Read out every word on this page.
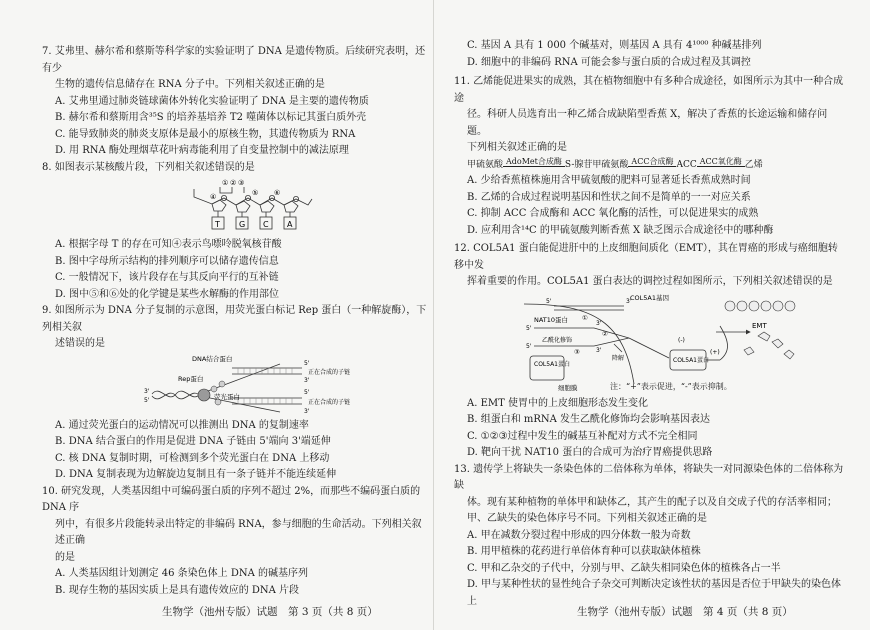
7. 艾弗里、赫尔希和蔡斯等科学家的实验证明了 DNA 是遗传物质。后续研究表明，还有少
生物的遗传信息储存在 RNA 分子中。下列相关叙述正确的是
A. 艾弗里通过肺炎链球菌体外转化实验证明了 DNA 是主要的遗传物质
B. 赫尔希和蔡斯用含³⁵S 的培养基培养 T2 噬菌体以标记其蛋白质外壳
C. 能导致肺炎的肺炎支原体是最小的原核生物，其遗传物质为 RNA
D. 用 RNA 酶处理烟草花叶病毒能利用了自变量控制中的减法原理
8. 如图表示某核酸片段，下列相关叙述错误的是
① ② ③
④	⑤ ⑥
T G C A
A. 根据字母 T 的存在可知④表示鸟嘌呤脱氧核苷酸
B. 图中字母所示结构的排列顺序可以储存遗传信息
C. 一般情况下，该片段存在与其反向平行的互补链
D. 图中⑤和⑥处的化学键是某些水解酶的作用部位
9. 如图所示为 DNA 分子复制的示意图，用荧光蛋白标记 Rep 蛋白（一种解旋酶），下列相关叙
述错误的是
DNA结合蛋白
Rep蛋白
荧光蛋白
正在合成的子链
正在合成的子链
5'
3'
5'
3'
3'
5'
A. 通过荧光蛋白的运动情况可以推测出 DNA 的复制速率
B. DNA 结合蛋白的作用是促进 DNA 子链由 5'端向 3'端延伸
C. 核 DNA 复制时期，可检测到多个荧光蛋白在 DNA 上移动
D. DNA 复制表现为边解旋边复制且有一条子链并不能连续延伸
10. 研究发现，人类基因组中可编码蛋白质的序列不超过 2%，而那些不编码蛋白质的 DNA 序
列中，有很多片段能转录出特定的非编码 RNA，参与细胞的生命活动。下列相关叙述正确
的是
A. 人类基因组计划测定 46 条染色体上 DNA 的碱基序列
B. 现存生物的基因实质上是具有遗传效应的 DNA 片段
生物学（池州专版）试题　第 3 页（共 8 页）
C. 基因 A 具有 1 000 个碱基对，则基因 A 具有 4¹⁰⁰⁰ 种碱基排列
D. 细胞中的非编码 RNA 可能会参与蛋白质的合成过程及其调控
11. 乙烯能促进果实的成熟，其在植物细胞中有多种合成途径，如图所示为其中一种合成途
径。科研人员选育出一种乙烯合成缺陷型香蕉 X，解决了香蕉的长途运输和储存问题。
下列相关叙述正确的是
甲硫氨酸 AdoMet合成酶 S-腺苷甲硫氨酸 ACC合成酶 ACC ACC氧化酶 乙烯
A. 少给香蕉植株施用含甲硫氨酸的肥料可显著延长香蕉成熟时间
B. 乙烯的合成过程说明基因和性状之间不是简单的一一对应关系
C. 抑制 ACC 合成酶和 ACC 氧化酶的活性，可以促进果实的成熟
D. 应利用含¹⁴C 的甲硫氨酸判断香蕉 X 缺乏图示合成途径中的哪种酶
12. COL5A1 蛋白能促进肝中的上皮细胞间质化（EMT），其在胃癌的形成与癌细胞转移中发
挥着重要的作用。COL5A1 蛋白表达的调控过程如图所示，下列相关叙述错误的是
COL5A1基因
NAT10蛋白 ①
②
③
5'	3'
5'
3'
5'
3'
乙酰化修饰
降解
(-)
(+)
COL5A1蛋白
COL5A1蛋白
EMT
细胞膜	注：“+”表示促进，“-”表示抑制。
A. EMT 使胃中的上皮细胞形态发生变化
B. 组蛋白和 mRNA 发生乙酰化修饰均会影响基因表达
C. ①②③过程中发生的碱基互补配对方式不完全相同
D. 靶向干扰 NAT10 蛋白的合成可为治疗胃癌提供思路
13. 遗传学上将缺失一条染色体的二倍体称为单体，将缺失一对同源染色体的二倍体称为缺
体。现有某种植物的单体甲和缺体乙，其产生的配子以及自交成子代的存活率相同；
甲、乙缺失的染色体序号不同。下列相关叙述正确的是
A. 甲在减数分裂过程中形成的四分体数一般为奇数
B. 用甲植株的花药进行单倍体育种可以获取缺体植株
C. 甲和乙杂交的子代中，分别与甲、乙缺失相同染色体的植株各占一半
D. 甲与某种性状的显性纯合子杂交可判断决定该性状的基因是否位于甲缺失的染色体上
生物学（池州专版）试题　第 4 页（共 8 页）
